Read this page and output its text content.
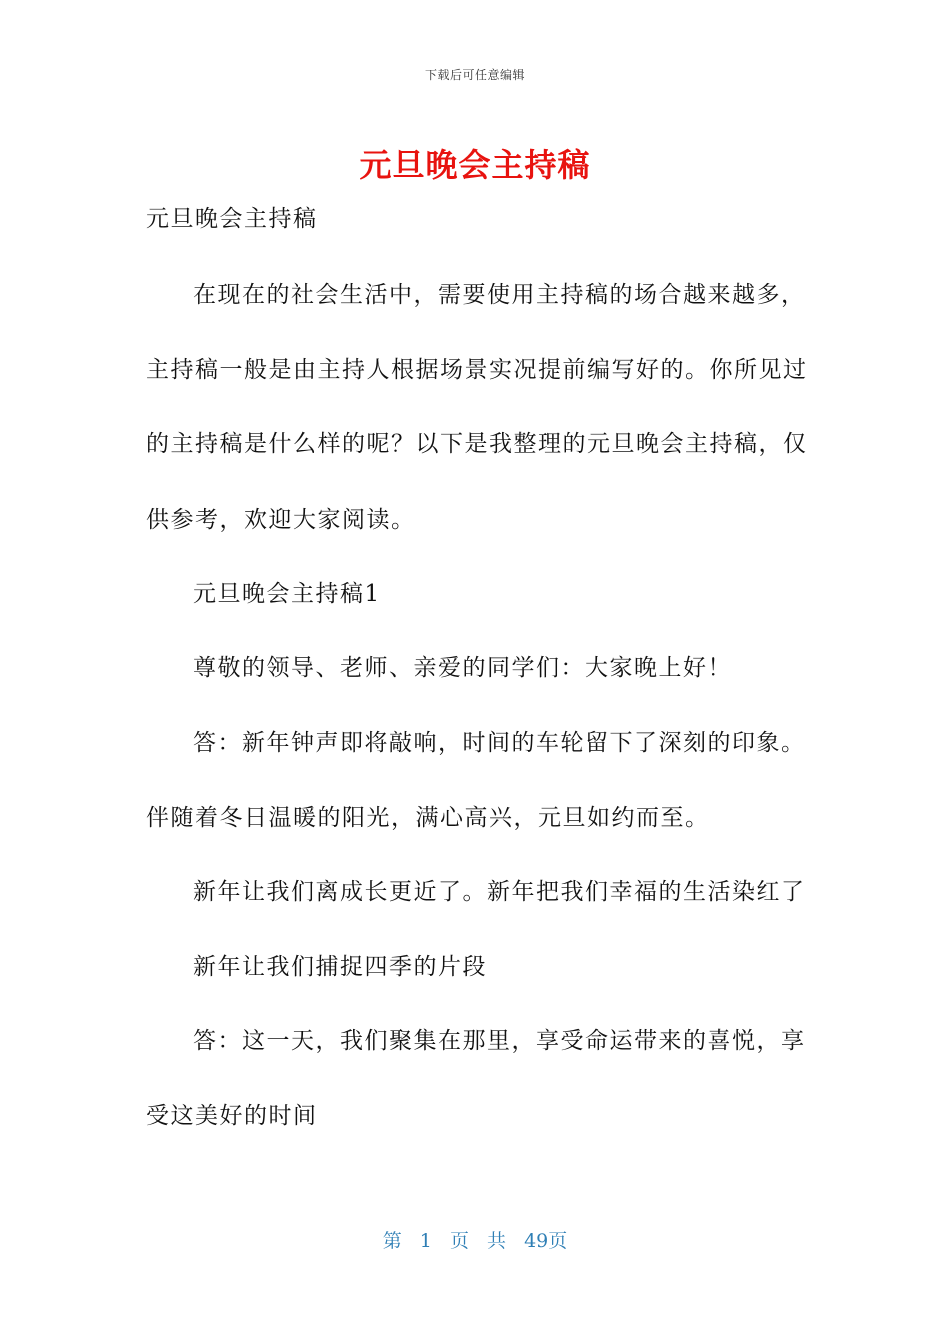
下载后可任意编辑
元旦晚会主持稿
元旦晚会主持稿
在现在的社会生活中，需要使用主持稿的场合越来越多，
主持稿一般是由主持人根据场景实况提前编写好的。你所见过
的主持稿是什么样的呢？以下是我整理的元旦晚会主持稿，仅
供参考，欢迎大家阅读。
元旦晚会主持稿1
尊敬的领导、老师、亲爱的同学们：大家晚上好！
答：新年钟声即将敲响，时间的车轮留下了深刻的印象。
伴随着冬日温暖的阳光，满心高兴，元旦如约而至。
新年让我们离成长更近了。新年把我们幸福的生活染红了
新年让我们捕捉四季的片段
答：这一天，我们聚集在那里，享受命运带来的喜悦，享
受这美好的时间
第 1 页 共 49页
